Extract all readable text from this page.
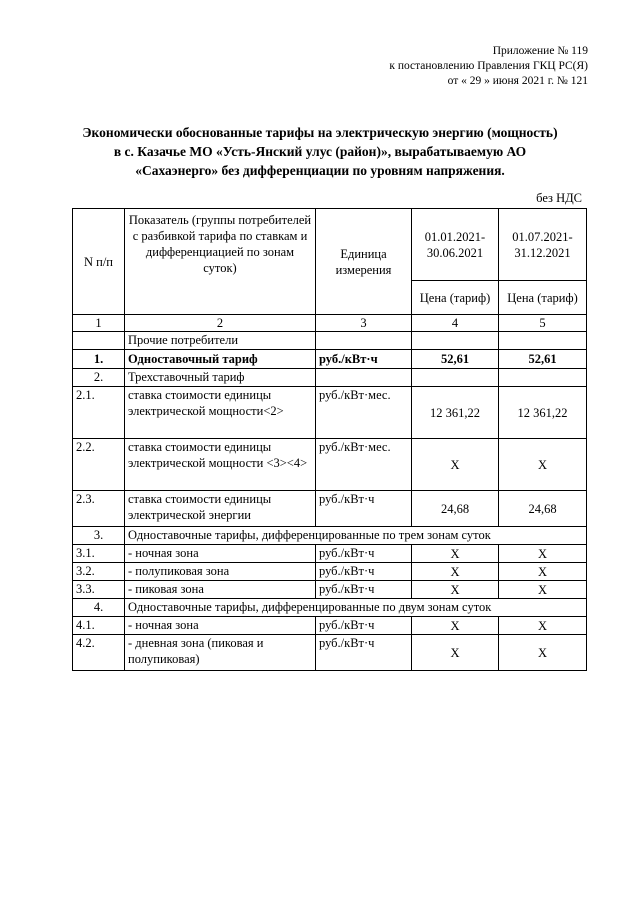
Приложение № 119
к постановлению Правления ГКЦ РС(Я)
от « 29 » июня 2021 г. № 121
Экономически обоснованные тарифы на электрическую энергию (мощность)
в с. Казачье МО «Усть-Янский улус (район)», вырабатываемую АО
«Сахаэнерго» без дифференциации по уровням напряжения.
без НДС
N п/п	Показатель (группы потребителей с разбивкой тарифа по ставкам и дифференциацией по зонам суток)	Единица измерения	01.01.2021-30.06.2021	01.07.2021-31.12.2021
			Цена (тариф)	Цена (тариф)
1	2	3	4	5
	Прочие потребители			
1.	Одноставочный тариф	руб./кВт·ч	52,61	52,61
2.	Трехставочный тариф			
2.1.	ставка стоимости единицы электрической мощности<2>	руб./кВт·мес.	12 361,22	12 361,22
2.2.	ставка стоимости единицы электрической мощности <3><4>	руб./кВт·мес.	X	X
2.3.	ставка стоимости единицы электрической энергии	руб./кВт·ч	24,68	24,68
3.	Одноставочные тарифы, дифференцированные по трем зонам суток			
3.1.	- ночная зона	руб./кВт·ч	X	X
3.2.	- полупиковая зона	руб./кВт·ч	X	X
3.3.	- пиковая зона	руб./кВт·ч	X	X
4.	Одноставочные тарифы, дифференцированные по двум зонам суток			
4.1.	- ночная зона	руб./кВт·ч	X	X
4.2.	- дневная зона (пиковая и полупиковая)	руб./кВт·ч	X	X
